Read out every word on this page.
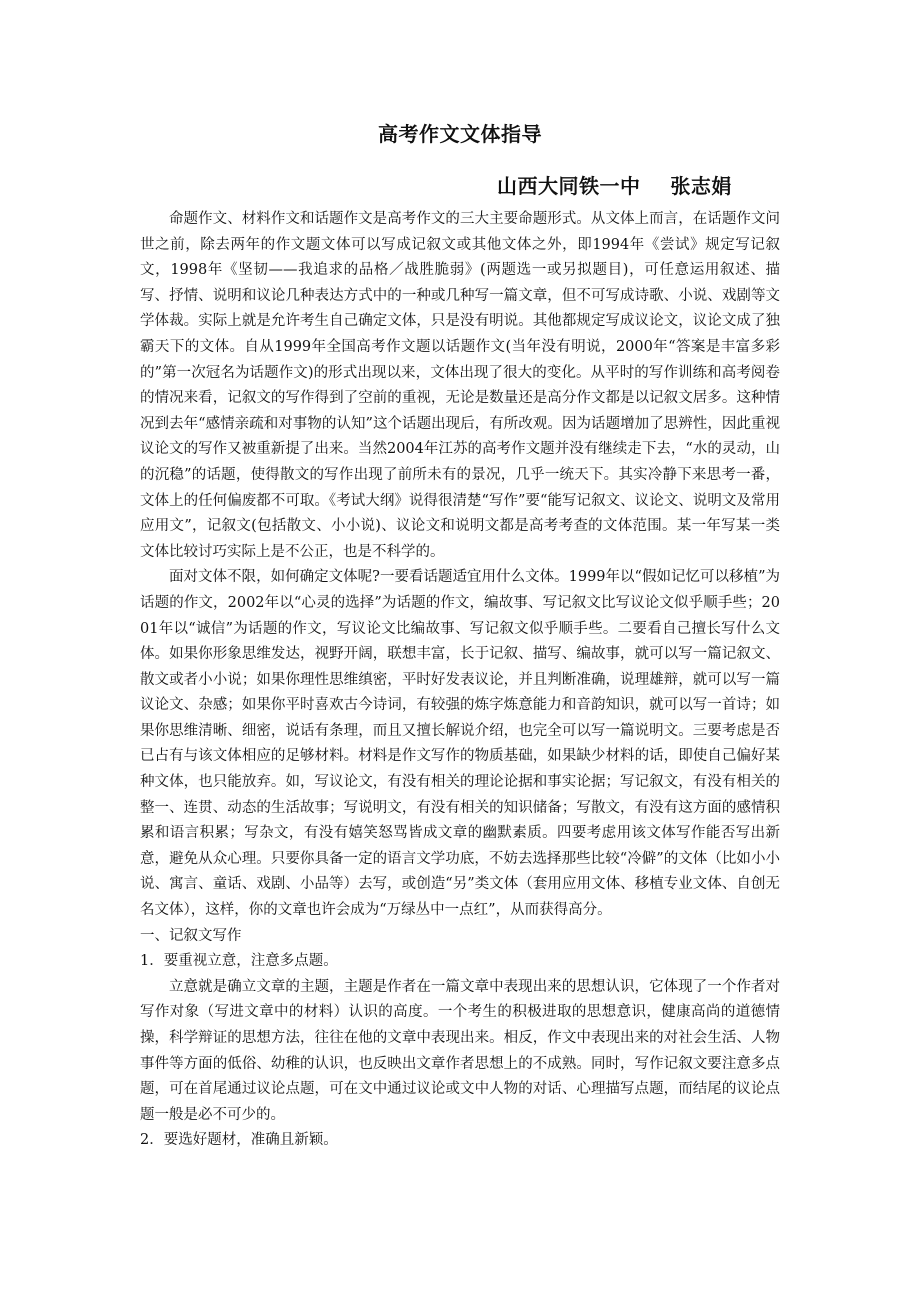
高考作文文体指导
山西大同铁一中    张志娟

命题作文、材料作文和话题作文是高考作文的三大主要命题形式。从文体上而言，在话题作文问世之前，除去两年的作文题文体可以写成记叙文或其他文体之外，即1994年《尝试》规定写记叙文，1998年《坚韧——我追求的品格／战胜脆弱》(两题选一或另拟题目)，可任意运用叙述、描写、抒情、说明和议论几种表达方式中的一种或几种写一篇文章，但不可写成诗歌、小说、戏剧等文学体裁。实际上就是允许考生自己确定文体，只是没有明说。其他都规定写成议论文，议论文成了独霸天下的文体。自从1999年全国高考作文题以话题作文(当年没有明说，2000年“答案是丰富多彩的”第一次冠名为话题作文)的形式出现以来，文体出现了很大的变化。从平时的写作训练和高考阅卷的情况来看，记叙文的写作得到了空前的重视，无论是数量还是高分作文都是以记叙文居多。这种情况到去年“感情亲疏和对事物的认知”这个话题出现后，有所改观。因为话题增加了思辨性，因此重视议论文的写作又被重新提了出来。当然2004年江苏的高考作文题并没有继续走下去，“水的灵动，山的沉稳”的话题，使得散文的写作出现了前所未有的景况，几乎一统天下。其实冷静下来思考一番，文体上的任何偏废都不可取。《考试大纲》说得很清楚“写作”要“能写记叙文、议论文、说明文及常用应用文”，记叙文(包括散文、小小说)、议论文和说明文都是高考考查的文体范围。某一年写某一类文体比较讨巧实际上是不公正，也是不科学的。

面对文体不限，如何确定文体呢?一要看话题适宜用什么文体。1999年以“假如记忆可以移植”为话题的作文，2002年以“心灵的选择”为话题的作文，编故事、写记叙文比写议论文似乎顺手些；2001年以“诚信”为话题的作文，写议论文比编故事、写记叙文似乎顺手些。二要看自己擅长写什么文体。如果你形象思维发达，视野开阔，联想丰富，长于记叙、描写、编故事，就可以写一篇记叙文、散文或者小小说；如果你理性思维缜密，平时好发表议论，并且判断准确，说理雄辩，就可以写一篇议论文、杂感；如果你平时喜欢古今诗词，有较强的炼字炼意能力和音韵知识，就可以写一首诗；如果你思维清晰、细密，说话有条理，而且又擅长解说介绍，也完全可以写一篇说明文。三要考虑是否已占有与该文体相应的足够材料。材料是作文写作的物质基础，如果缺少材料的话，即使自己偏好某种文体，也只能放弃。如，写议论文，有没有相关的理论论据和事实论据；写记叙文，有没有相关的整一、连贯、动态的生活故事；写说明文，有没有相关的知识储备；写散文，有没有这方面的感情积累和语言积累；写杂文，有没有嬉笑怒骂皆成文章的幽默素质。四要考虑用该文体写作能否写出新意，避免从众心理。只要你具备一定的语言文学功底，不妨去选择那些比较“冷僻”的文体（比如小小说、寓言、童话、戏剧、小品等）去写，或创造“另”类文体（套用应用文体、移植专业文体、自创无名文体），这样，你的文章也许会成为“万绿丛中一点红”，从而获得高分。

一、记叙文写作

1．要重视立意，注意多点题。

立意就是确立文章的主题，主题是作者在一篇文章中表现出来的思想认识，它体现了一个作者对写作对象（写进文章中的材料）认识的高度。一个考生的积极进取的思想意识，健康高尚的道德情操，科学辩证的思想方法，往往在他的文章中表现出来。相反，作文中表现出来的对社会生活、人物事件等方面的低俗、幼稚的认识，也反映出文章作者思想上的不成熟。同时，写作记叙文要注意多点题，可在首尾通过议论点题，可在文中通过议论或文中人物的对话、心理描写点题，而结尾的议论点题一般是必不可少的。

2．要选好题材，准确且新颖。
